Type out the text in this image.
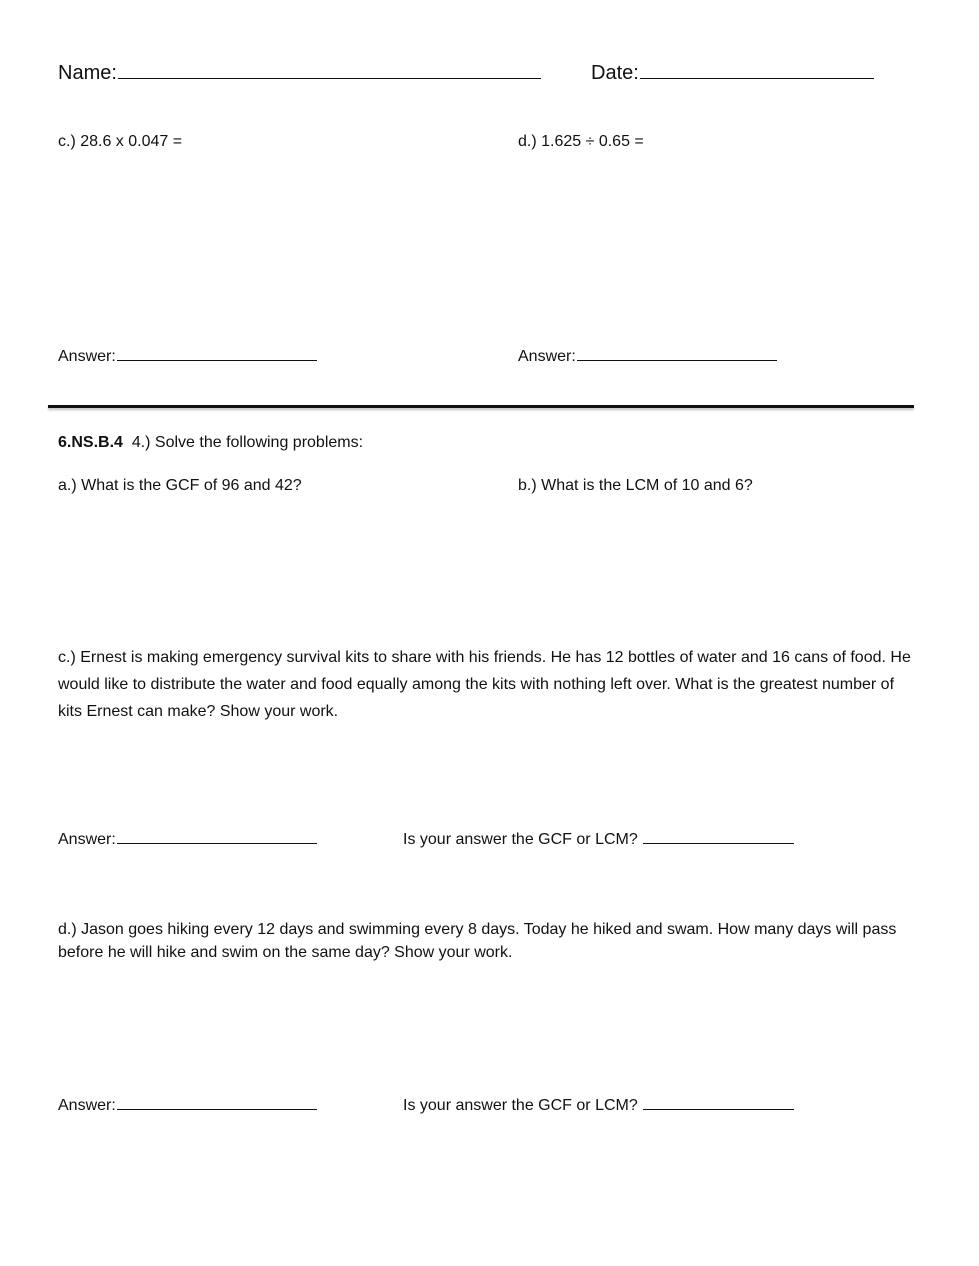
Name:	Date:
c.) 28.6 x 0.047 =	d.) 1.625 ÷ 0.65 =
Answer:	Answer:
6.NS.B.4 4.) Solve the following problems:
a.) What is the GCF of 96 and 42?	b.) What is the LCM of 10 and 6?

c.) Ernest is making emergency survival kits to share with his friends. He has 12 bottles of water and 16 cans of food. He would like to distribute the water and food equally among the kits with nothing left over. What is the greatest number of kits Ernest can make? Show your work.

Answer:	Is your answer the GCF or LCM?

d.) Jason goes hiking every 12 days and swimming every 8 days. Today he hiked and swam. How many days will pass before he will hike and swim on the same day? Show your work.

Answer:	Is your answer the GCF or LCM?
